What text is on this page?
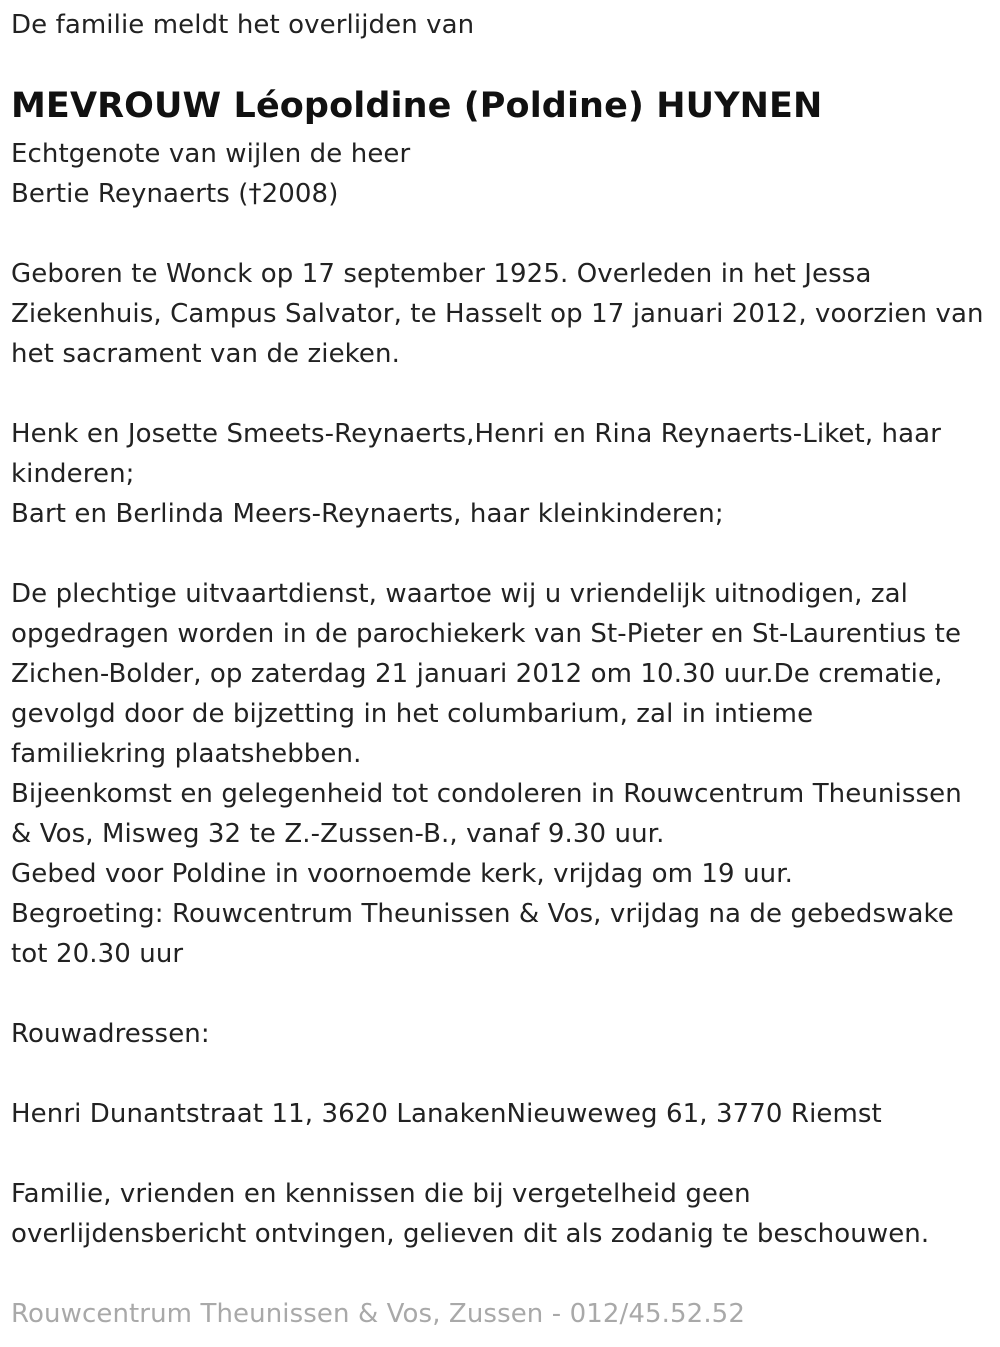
De familie meldt het overlijden van
MEVROUW Léopoldine (Poldine) HUYNEN
Echtgenote van wijlen de heer
Bertie Reynaerts (†2008)
Geboren te Wonck op 17 september 1925. Overleden in het Jessa
Ziekenhuis, Campus Salvator, te Hasselt op 17 januari 2012, voorzien van
het sacrament van de zieken.
Henk en Josette Smeets-Reynaerts,Henri en Rina Reynaerts-Liket, haar
kinderen;
Bart en Berlinda Meers-Reynaerts, haar kleinkinderen;
De plechtige uitvaartdienst, waartoe wij u vriendelijk uitnodigen, zal
opgedragen worden in de parochiekerk van St-Pieter en St-Laurentius te
Zichen-Bolder, op zaterdag 21 januari 2012 om 10.30 uur.De crematie,
gevolgd door de bijzetting in het columbarium, zal in intieme
familiekring plaatshebben.
Bijeenkomst en gelegenheid tot condoleren in Rouwcentrum Theunissen
& Vos, Misweg 32 te Z.-Zussen-B., vanaf 9.30 uur.
Gebed voor Poldine in voornoemde kerk, vrijdag om 19 uur.
Begroeting: Rouwcentrum Theunissen & Vos, vrijdag na de gebedswake
tot 20.30 uur
Rouwadressen:
Henri Dunantstraat 11, 3620 LanakenNieuweweg 61, 3770 Riemst
Familie, vrienden en kennissen die bij vergetelheid geen
overlijdensbericht ontvingen, gelieven dit als zodanig te beschouwen.
Rouwcentrum Theunissen & Vos, Zussen - 012/45.52.52
